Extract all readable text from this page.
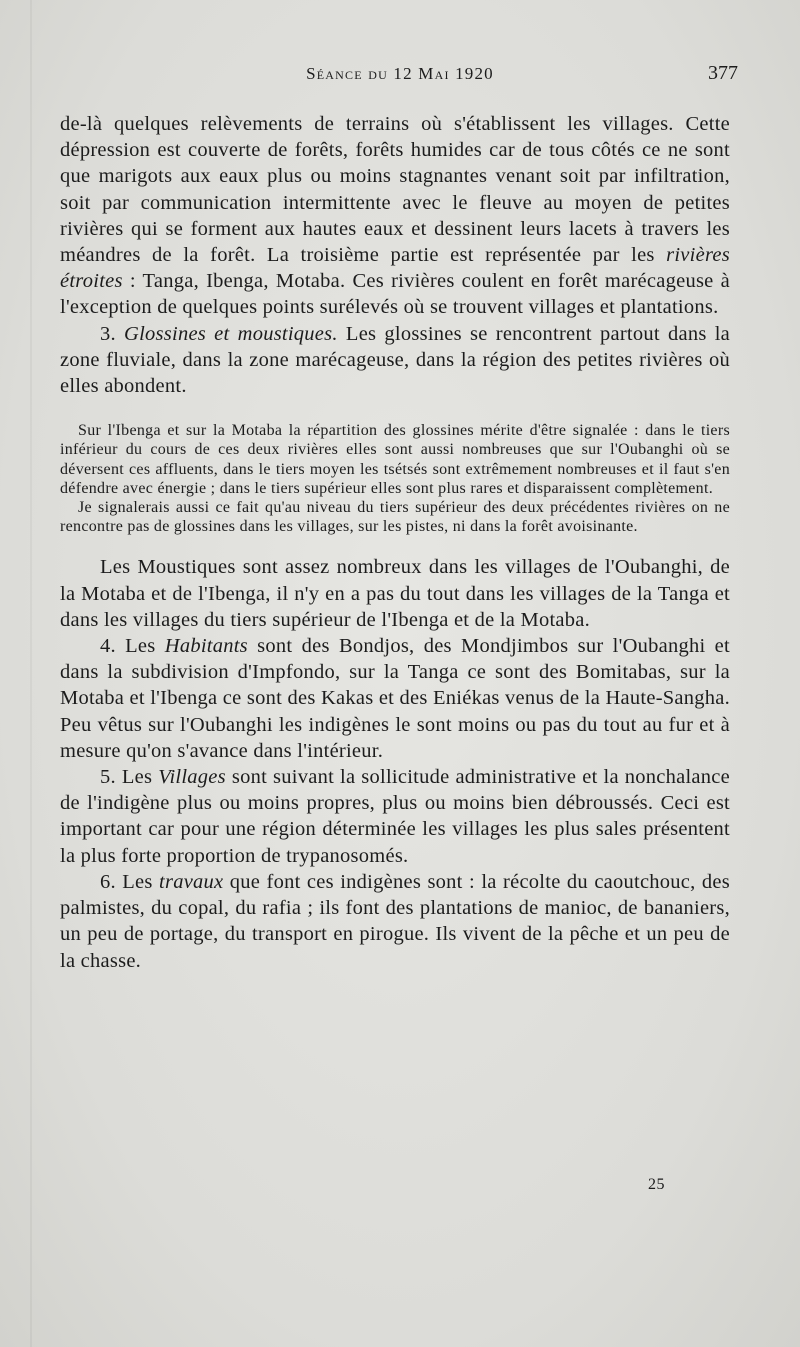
Séance du 12 Mai 1920	377

de-là quelques relèvements de terrains où s'établissent les villages. Cette dépression est couverte de forêts, forêts humides car de tous côtés ce ne sont que marigots aux eaux plus ou moins stagnantes venant soit par infiltration, soit par communication intermittente avec le fleuve au moyen de petites rivières qui se forment aux hautes eaux et dessinent leurs lacets à travers les méandres de la forêt. La troisième partie est représentée par les rivières étroites : Tanga, Ibenga, Motaba. Ces rivières coulent en forêt marécageuse à l'exception de quelques points surélevés où se trouvent villages et plantations.

3. Glossines et moustiques. Les glossines se rencontrent partout dans la zone fluviale, dans la zone marécageuse, dans la région des petites rivières où elles abondent.

Sur l'Ibenga et sur la Motaba la répartition des glossines mérite d'être signalée : dans le tiers inférieur du cours de ces deux rivières elles sont aussi nombreuses que sur l'Oubanghi où se déversent ces affluents, dans le tiers moyen les tsétsés sont extrêmement nombreuses et il faut s'en défendre avec énergie ; dans le tiers supérieur elles sont plus rares et disparaissent complètement.

Je signalerais aussi ce fait qu'au niveau du tiers supérieur des deux précédentes rivières on ne rencontre pas de glossines dans les villages, sur les pistes, ni dans la forêt avoisinante.

Les Moustiques sont assez nombreux dans les villages de l'Oubanghi, de la Motaba et de l'Ibenga, il n'y en a pas du tout dans les villages de la Tanga et dans les villages du tiers supérieur de l'Ibenga et de la Motaba.

4. Les Habitants sont des Bondjos, des Mondjimbos sur l'Oubanghi et dans la subdivision d'Impfondo, sur la Tanga ce sont des Bomitabas, sur la Motaba et l'Ibenga ce sont des Kakas et des Eniékas venus de la Haute-Sangha. Peu vêtus sur l'Oubanghi les indigènes le sont moins ou pas du tout au fur et à mesure qu'on s'avance dans l'intérieur.

5. Les Villages sont suivant la sollicitude administrative et la nonchalance de l'indigène plus ou moins propres, plus ou moins bien débroussés. Ceci est important car pour une région déterminée les villages les plus sales présentent la plus forte proportion de trypanosomés.

6. Les travaux que font ces indigènes sont : la récolte du caoutchouc, des palmistes, du copal, du rafia ; ils font des plantations de manioc, de bananiers, un peu de portage, du transport en pirogue. Ils vivent de la pêche et un peu de la chasse.

25
